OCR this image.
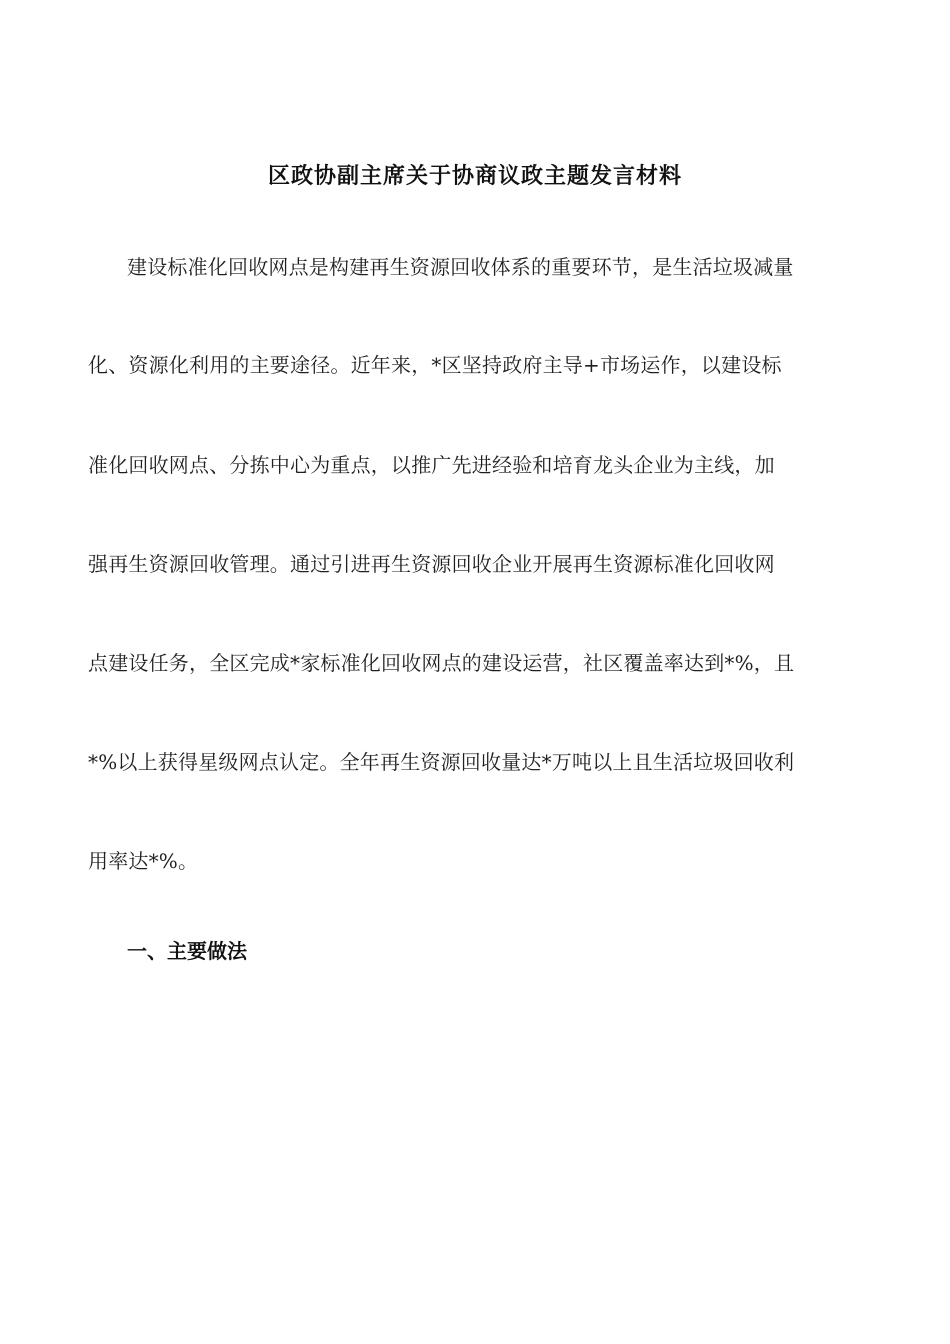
区政协副主席关于协商议政主题发言材料
建设标准化回收网点是构建再生资源回收体系的重要环节，是生活垃圾减量
化、资源化利用的主要途径。近年来，*区坚持政府主导+市场运作，以建设标
准化回收网点、分拣中心为重点，以推广先进经验和培育龙头企业为主线，加
强再生资源回收管理。通过引进再生资源回收企业开展再生资源标准化回收网
点建设任务，全区完成*家标准化回收网点的建设运营，社区覆盖率达到*%，且
*%以上获得星级网点认定。全年再生资源回收量达*万吨以上且生活垃圾回收利
用率达*%。
一、主要做法
